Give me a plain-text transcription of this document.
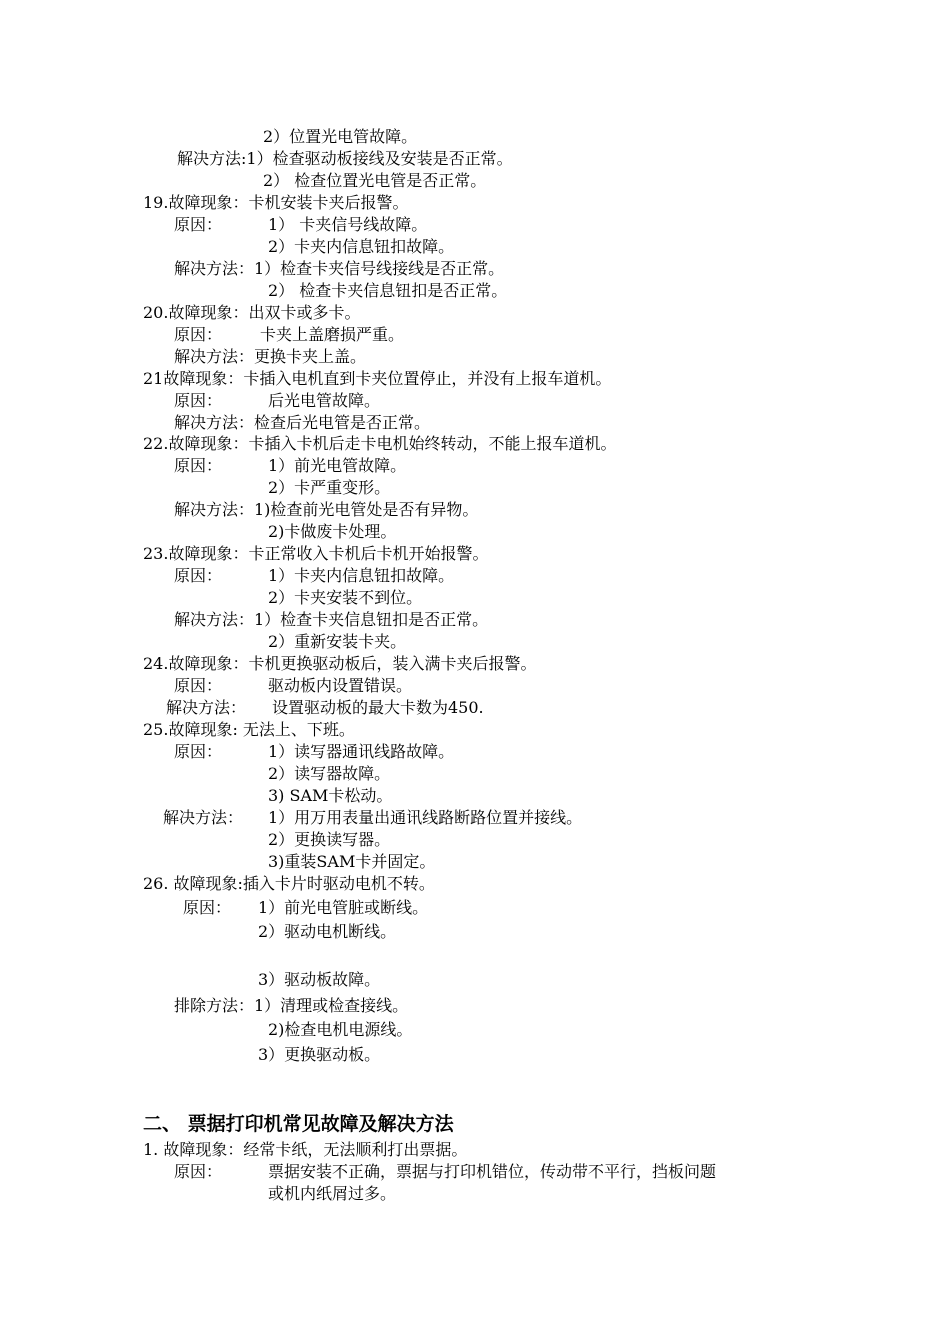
2）位置光电管故障。
解决方法:1）检查驱动板接线及安装是否正常。
2） 检查位置光电管是否正常。
19.故障现象：卡机安装卡夹后报警。
原因：	1） 卡夹信号线故障。
2）卡夹内信息钮扣故障。
解决方法：1）检查卡夹信号线接线是否正常。
2） 检查卡夹信息钮扣是否正常。
20.故障现象：出双卡或多卡。
原因： 卡夹上盖磨损严重。
解决方法：更换卡夹上盖。
21故障现象：卡插入电机直到卡夹位置停止，并没有上报车道机。
原因：	后光电管故障。
解决方法：检查后光电管是否正常。
22.故障现象：卡插入卡机后走卡电机始终转动，不能上报车道机。
原因：	1）前光电管故障。
2）卡严重变形。
解决方法：1)检查前光电管处是否有异物。
2)卡做废卡处理。
23.故障现象：卡正常收入卡机后卡机开始报警。
原因：	1）卡夹内信息钮扣故障。
2）卡夹安装不到位。
解决方法：1）检查卡夹信息钮扣是否正常。
2）重新安装卡夹。
24.故障现象：卡机更换驱动板后，装入满卡夹后报警。
原因：	驱动板内设置错误。
解决方法： 设置驱动板的最大卡数为450.
25.故障现象: 无法上、下班。
原因：	1）读写器通讯线路故障。
2）读写器故障。
3) SAM卡松动。
解决方法： 1）用万用表量出通讯线路断路位置并接线。
2）更换读写器。
3)重装SAM卡并固定。
26. 故障现象:插入卡片时驱动电机不转。
原因： 1）前光电管脏或断线。
2）驱动电机断线。
3）驱动板故障。
排除方法：1）清理或检查接线。
2)检查电机电源线。
3）更换驱动板。
二、 票据打印机常见故障及解决方法
1. 故障现象：经常卡纸，无法顺利打出票据。
原因：	票据安装不正确，票据与打印机错位，传动带不平行，挡板问题
或机内纸屑过多。
